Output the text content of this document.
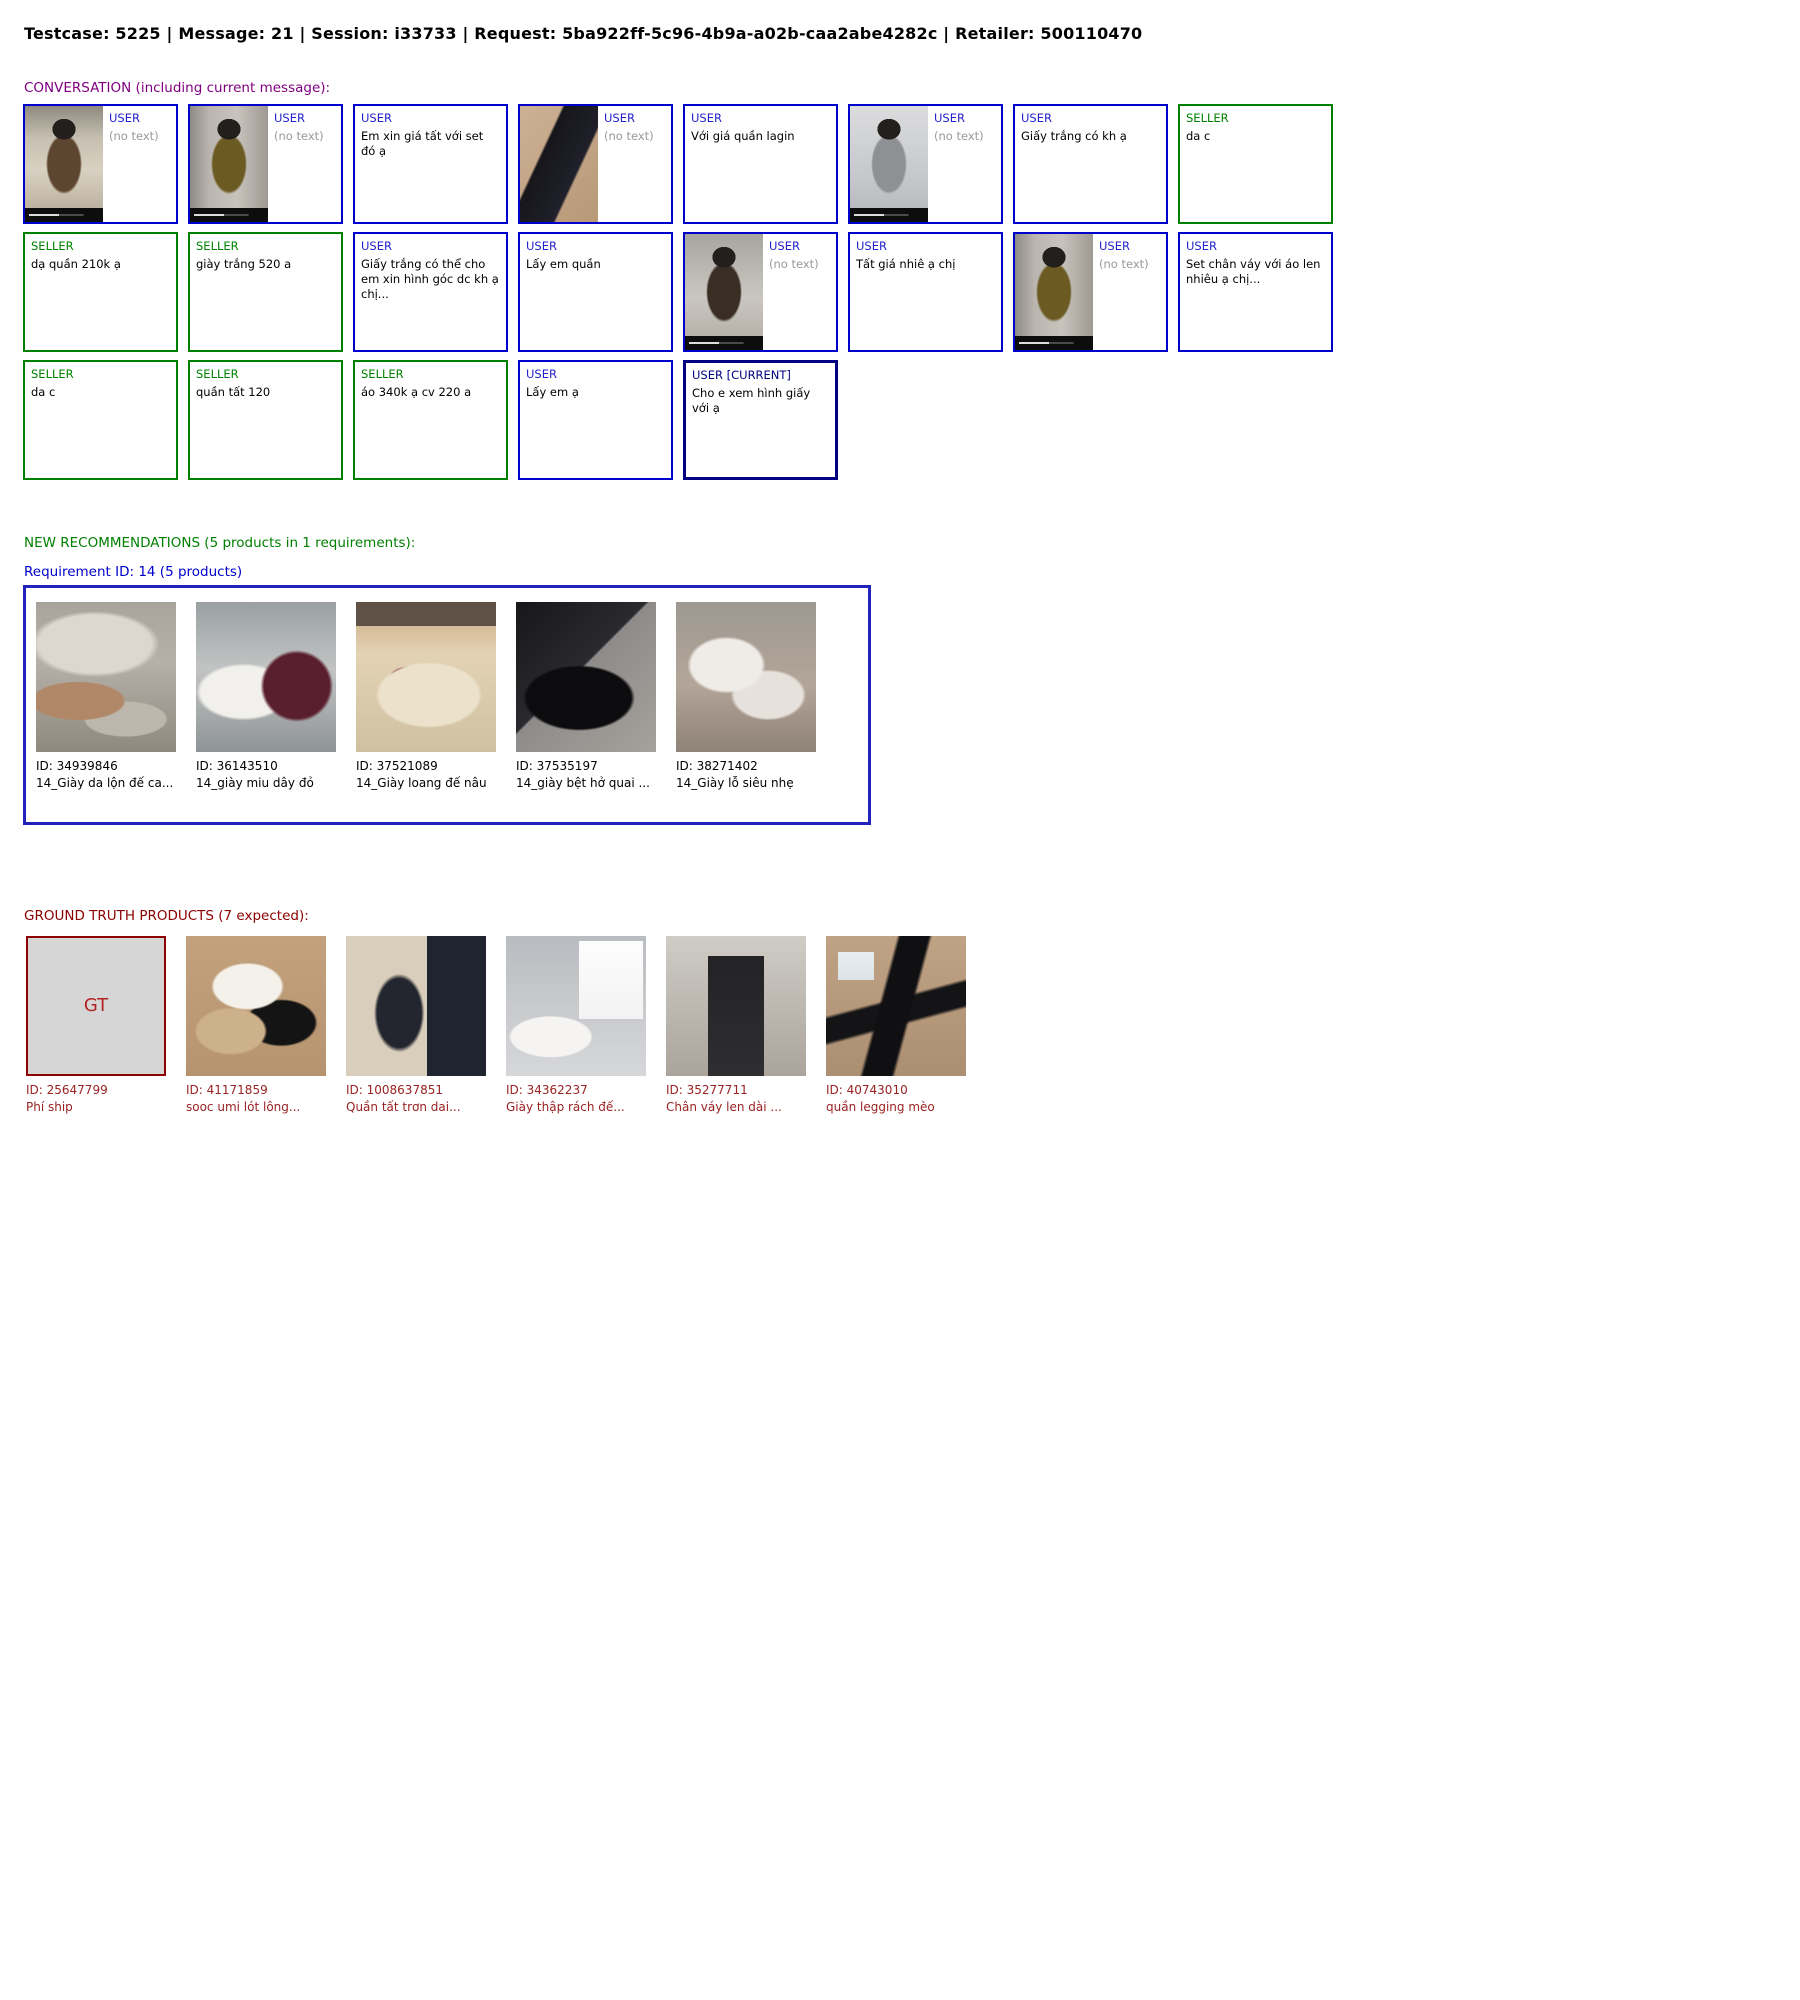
Testcase: 5225 | Message: 21 | Session: i33733 | Request: 5ba922ff-5c96-4b9a-a02b-caa2abe4282c | Retailer: 500110470
CONVERSATION (including current message):
USER
(no text)
USER
(no text)
USER
Em xin giá tất với set đó ạ
USER
(no text)
USER
Với giá quần lagin
USER
(no text)
USER
Giấy trắng có kh ạ
SELLER
da c
SELLER
dạ quần 210k ạ
SELLER
giày trắng 520 a
USER
Giấy trắng có thể cho em xin hình góc dc kh ạ chị...
USER
Lấy em quần
USER
(no text)
USER
Tất giá nhiê ạ chị
USER
(no text)
USER
Set chân váy với áo len nhiêu ạ chị...
SELLER
da c
SELLER
quần tất 120
SELLER
áo 340k ạ cv 220 a
USER
Lấy em ạ
USER [CURRENT]
Cho e xem hình giấy với ạ
NEW RECOMMENDATIONS (5 products in 1 requirements):
Requirement ID: 14 (5 products)
ID: 34939846
14_Giày da lộn đế ca...
ID: 36143510
14_giày miu dây đỏ
ID: 37521089
14_Giày loang đế nâu
ID: 37535197
14_giày bệt hở quai ...
ID: 38271402
14_Giày lỗ siêu nhẹ
GROUND TRUTH PRODUCTS (7 expected):
GT
ID: 25647799
Phí ship
ID: 41171859
sooc umi lót lông...
ID: 1008637851
Quần tất trơn dai...
ID: 34362237
Giày thập rách đế...
ID: 35277711
Chân váy len dài ...
ID: 40743010
quần legging mèo
